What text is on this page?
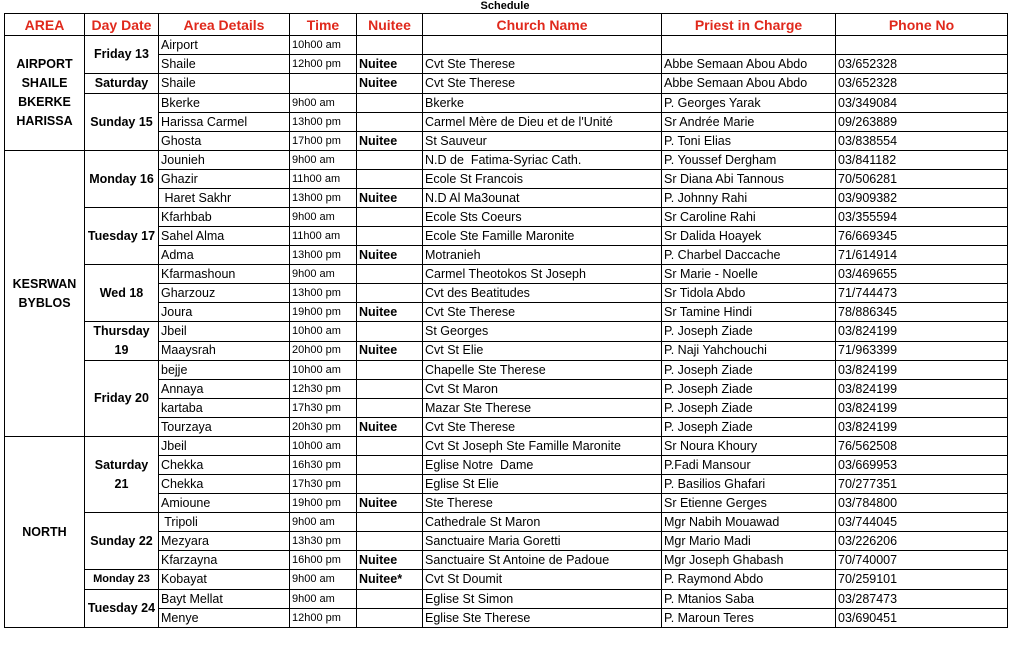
Schedule
AREA	Day Date	Area Details	Time	Nuitee	Church Name	Priest in Charge	Phone No
AIRPORT SHAILE BKERKE HARISSA	Friday 13	Airport	10h00 am				
		Shaile	12h00 pm	Nuitee	Cvt Ste Therese	Abbe Semaan Abou Abdo	03/652328
	Saturday	Shaile		Nuitee	Cvt Ste Therese	Abbe Semaan Abou Abdo	03/652328
	Sunday 15	Bkerke	9h00 am		Bkerke	P. Georges Yarak	03/349084
		Harissa Carmel	13h00 pm		Carmel Mère de Dieu et de l'Unité	Sr Andrée Marie	09/263889
		Ghosta	17h00 pm	Nuitee	St Sauveur	P. Toni Elias	03/838554
KESRWAN BYBLOS	Monday 16	Jounieh	9h00 am		N.D de  Fatima-Syriac Cath.	P. Youssef Dergham	03/841182
		Ghazir	11h00 am		Ecole St Francois	Sr Diana Abi Tannous	70/506281
		Haret Sakhr	13h00 pm	Nuitee	N.D Al Ma3ounat	P. Johnny Rahi	03/909382
	Tuesday 17	Kfarhbab	9h00 am		Ecole Sts Coeurs	Sr Caroline Rahi	03/355594
		Sahel Alma	11h00 am		Ecole Ste Famille Maronite	Sr Dalida Hoayek	76/669345
		Adma	13h00 pm	Nuitee	Motranieh	P. Charbel Daccache	71/614914
	Wed 18	Kfarmashoun	9h00 am		Carmel Theotokos St Joseph	Sr Marie - Noelle	03/469655
		Gharzouz	13h00 pm		Cvt des Beatitudes	Sr Tidola Abdo	71/744473
		Joura	19h00 pm	Nuitee	Cvt Ste Therese	Sr Tamine Hindi	78/886345
	Thursday 19	Jbeil	10h00 am		St Georges	P. Joseph Ziade	03/824199
		Maaysrah	20h00 pm	Nuitee	Cvt St Elie	P. Naji Yahchouchi	71/963399
	Friday 20	bejje	10h00 am		Chapelle Ste Therese	P. Joseph Ziade	03/824199
		Annaya	12h30 pm		Cvt St Maron	P. Joseph Ziade	03/824199
		kartaba	17h30 pm		Mazar Ste Therese	P. Joseph Ziade	03/824199
		Tourzaya	20h30 pm	Nuitee	Cvt Ste Therese	P. Joseph Ziade	03/824199
NORTH	Saturday 21	Jbeil	10h00 am		Cvt St Joseph Ste Famille Maronite	Sr Noura Khoury	76/562508
		Chekka	16h30 pm		Eglise Notre  Dame	P.Fadi Mansour	03/669953
		Chekka	17h30 pm		Eglise St Elie	P. Basilios Ghafari	70/277351
		Amioune	19h00 pm	Nuitee	Ste Therese	Sr Etienne Gerges	03/784800
	Sunday 22	Tripoli	9h00 am		Cathedrale St Maron	Mgr Nabih Mouawad	03/744045
		Mezyara	13h30 pm		Sanctuaire Maria Goretti	Mgr Mario Madi	03/226206
		Kfarzayna	16h00 pm	Nuitee	Sanctuaire St Antoine de Padoue	Mgr Joseph Ghabash	70/740007
	Monday 23	Kobayat	9h00 am	Nuitee*	Cvt St Doumit	P. Raymond Abdo	70/259101
	Tuesday 24	Bayt Mellat	9h00 am		Eglise St Simon	P. Mtanios Saba	03/287473
		Menye	12h00 pm		Eglise Ste Therese	P. Maroun Teres	03/690451
